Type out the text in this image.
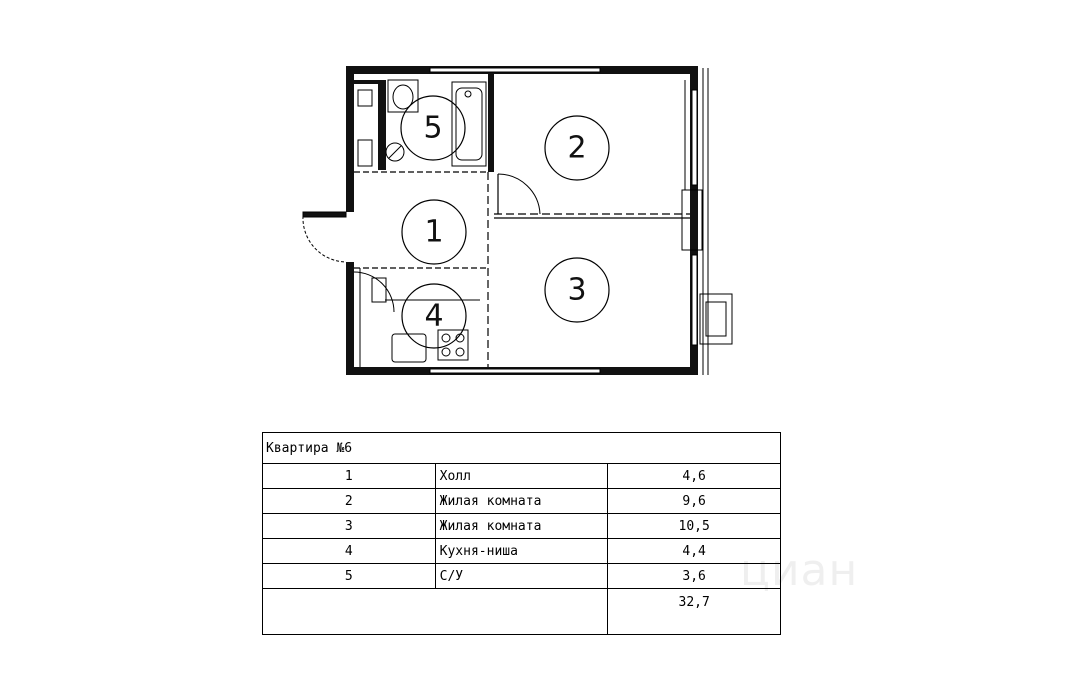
1
2
3
4
5
Квартира №6		
1	Холл	4,6
2	Жилая комната	9,6
3	Жилая комната	10,5
4	Кухня-ниша	4,4
5	С/У	3,6
		32,7
циан
